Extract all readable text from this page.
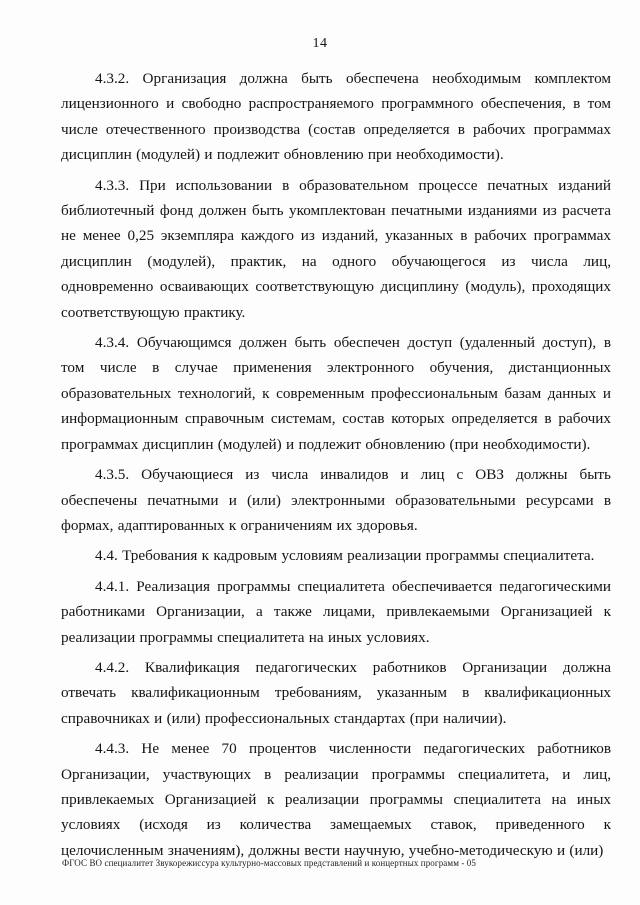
14

4.3.2. Организация должна быть обеспечена необходимым комплектом лицензионного и свободно распространяемого программного обеспечения, в том числе отечественного производства (состав определяется в рабочих программах дисциплин (модулей) и подлежит обновлению при необходимости).

4.3.3. При использовании в образовательном процессе печатных изданий библиотечный фонд должен быть укомплектован печатными изданиями из расчета не менее 0,25 экземпляра каждого из изданий, указанных в рабочих программах дисциплин (модулей), практик, на одного обучающегося из числа лиц, одновременно осваивающих соответствующую дисциплину (модуль), проходящих соответствующую практику.

4.3.4. Обучающимся должен быть обеспечен доступ (удаленный доступ), в том числе в случае применения электронного обучения, дистанционных образовательных технологий, к современным профессиональным базам данных и информационным справочным системам, состав которых определяется в рабочих программах дисциплин (модулей) и подлежит обновлению (при необходимости).

4.3.5. Обучающиеся из числа инвалидов и лиц с ОВЗ должны быть обеспечены печатными и (или) электронными образовательными ресурсами в формах, адаптированных к ограничениям их здоровья.

4.4. Требования к кадровым условиям реализации программы специалитета.

4.4.1. Реализация программы специалитета обеспечивается педагогическими работниками Организации, а также лицами, привлекаемыми Организацией к реализации программы специалитета на иных условиях.

4.4.2. Квалификация педагогических работников Организации должна отвечать квалификационным требованиям, указанным в квалификационных справочниках и (или) профессиональных стандартах (при наличии).

4.4.3. Не менее 70 процентов численности педагогических работников Организации, участвующих в реализации программы специалитета, и лиц, привлекаемых Организацией к реализации программы специалитета на иных условиях (исходя из количества замещаемых ставок, приведенного к целочисленным значениям), должны вести научную, учебно-методическую и (или)

ФГОС ВО специалитет Звукорежиссура культурно-массовых представлений и концертных программ - 05
